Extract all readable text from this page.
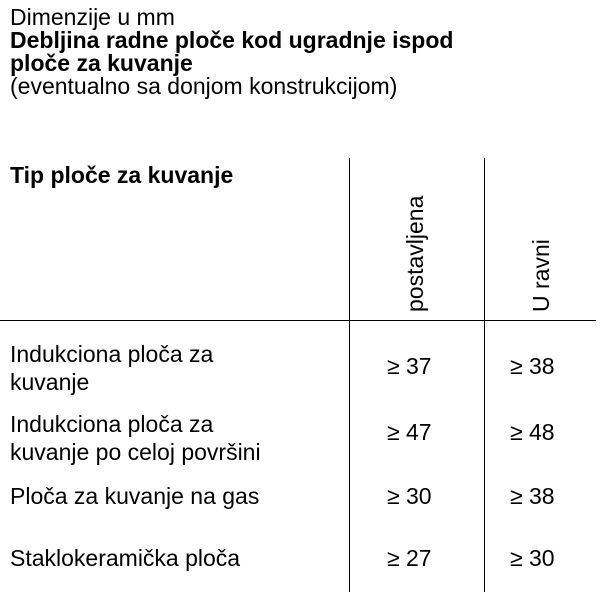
Dimenzije u mm
Debljina radne ploče kod ugradnje ispod
ploče za kuvanje
(eventualno sa donjom konstrukcijom)
Tip ploče za kuvanje
postavljena	U ravni
Indukciona ploča za
kuvanje
≥ 37	≥ 38
Indukciona ploča za
kuvanje po celoj površini
≥ 47	≥ 48
Ploča za kuvanje na gas	≥ 30	≥ 38
Staklokeramička ploča	≥ 27	≥ 30
